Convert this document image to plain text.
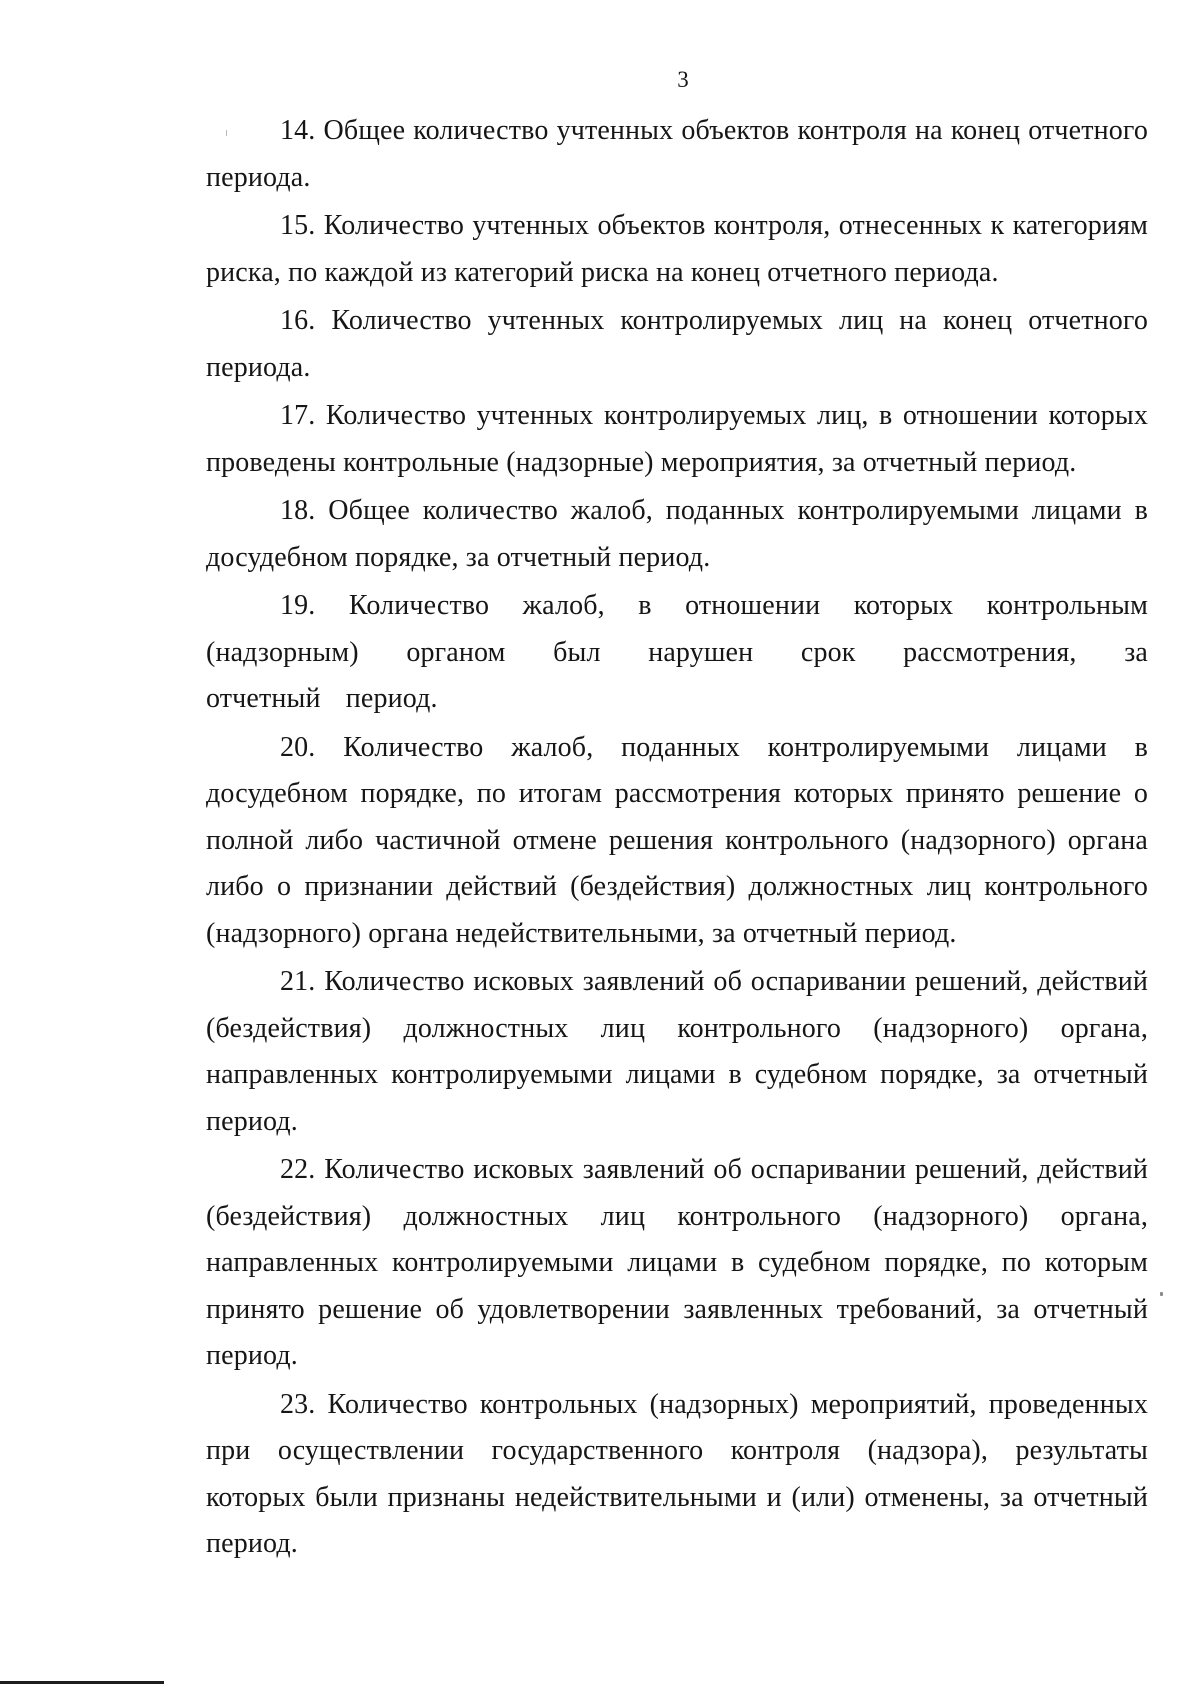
3

14. Общее количество учтенных объектов контроля на конец отчетного периода.

15. Количество учтенных объектов контроля, отнесенных к категориям риска, по каждой из категорий риска на конец отчетного периода.

16. Количество учтенных контролируемых лиц на конец отчетного периода.

17. Количество учтенных контролируемых лиц, в отношении которых проведены контрольные (надзорные) мероприятия, за отчетный период.

18. Общее количество жалоб, поданных контролируемыми лицами в досудебном порядке, за отчетный период.

19. Количество жалоб, в отношении которых контрольным (надзорным) органом был нарушен срок рассмотрения, за отчетный период.

20. Количество жалоб, поданных контролируемыми лицами в досудебном порядке, по итогам рассмотрения которых принято решение о полной либо частичной отмене решения контрольного (надзорного) органа либо о признании действий (бездействия) должностных лиц контрольного (надзорного) органа недействительными, за отчетный период.

21. Количество исковых заявлений об оспаривании решений, действий (бездействия) должностных лиц контрольного (надзорного) органа, направленных контролируемыми лицами в судебном порядке, за отчетный период.

22. Количество исковых заявлений об оспаривании решений, действий (бездействия) должностных лиц контрольного (надзорного) органа, направленных контролируемыми лицами в судебном порядке, по которым принято решение об удовлетворении заявленных требований, за отчетный период.

23. Количество контрольных (надзорных) мероприятий, проведенных при осуществлении государственного контроля (надзора), результаты которых были признаны недействительными и (или) отменены, за отчетный период.
